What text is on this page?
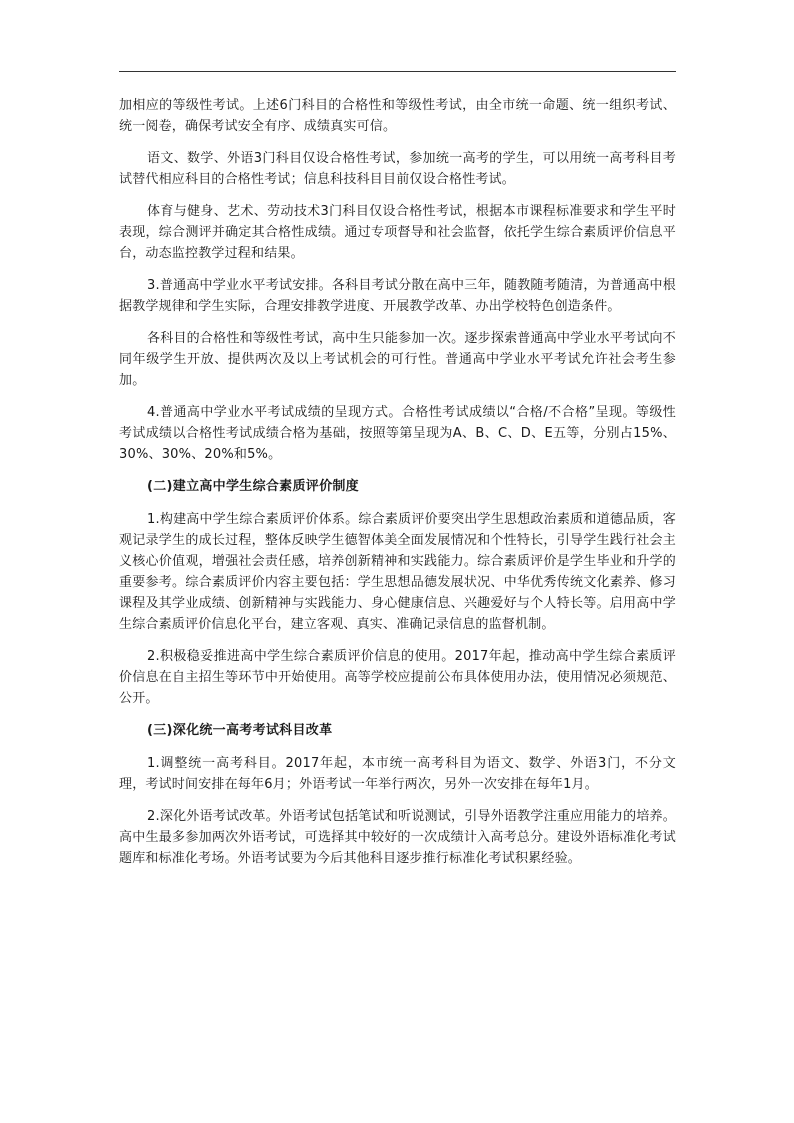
加相应的等级性考试。上述6门科目的合格性和等级性考试，由全市统一命题、统一组织考试、统一阅卷，确保考试安全有序、成绩真实可信。

语文、数学、外语3门科目仅设合格性考试，参加统一高考的学生，可以用统一高考科目考试替代相应科目的合格性考试；信息科技科目目前仅设合格性考试。

体育与健身、艺术、劳动技术3门科目仅设合格性考试，根据本市课程标准要求和学生平时表现，综合测评并确定其合格性成绩。通过专项督导和社会监督，依托学生综合素质评价信息平台，动态监控教学过程和结果。

3.普通高中学业水平考试安排。各科目考试分散在高中三年，随教随考随清，为普通高中根据教学规律和学生实际，合理安排教学进度、开展教学改革、办出学校特色创造条件。

各科目的合格性和等级性考试，高中生只能参加一次。逐步探索普通高中学业水平考试向不同年级学生开放、提供两次及以上考试机会的可行性。普通高中学业水平考试允许社会考生参加。

4.普通高中学业水平考试成绩的呈现方式。合格性考试成绩以“合格/不合格”呈现。等级性考试成绩以合格性考试成绩合格为基础，按照等第呈现为A、B、C、D、E五等，分别占15%、30%、30%、20%和5%。

(二)建立高中学生综合素质评价制度

1.构建高中学生综合素质评价体系。综合素质评价要突出学生思想政治素质和道德品质，客观记录学生的成长过程，整体反映学生德智体美全面发展情况和个性特长，引导学生践行社会主义核心价值观，增强社会责任感，培养创新精神和实践能力。综合素质评价是学生毕业和升学的重要参考。综合素质评价内容主要包括：学生思想品德发展状况、中华优秀传统文化素养、修习课程及其学业成绩、创新精神与实践能力、身心健康信息、兴趣爱好与个人特长等。启用高中学生综合素质评价信息化平台，建立客观、真实、准确记录信息的监督机制。

2.积极稳妥推进高中学生综合素质评价信息的使用。2017年起，推动高中学生综合素质评价信息在自主招生等环节中开始使用。高等学校应提前公布具体使用办法，使用情况必须规范、公开。

(三)深化统一高考考试科目改革

1.调整统一高考科目。2017年起，本市统一高考科目为语文、数学、外语3门，不分文理，考试时间安排在每年6月；外语考试一年举行两次，另外一次安排在每年1月。

2.深化外语考试改革。外语考试包括笔试和听说测试，引导外语教学注重应用能力的培养。高中生最多参加两次外语考试，可选择其中较好的一次成绩计入高考总分。建设外语标准化考试题库和标准化考场。外语考试要为今后其他科目逐步推行标准化考试积累经验。
